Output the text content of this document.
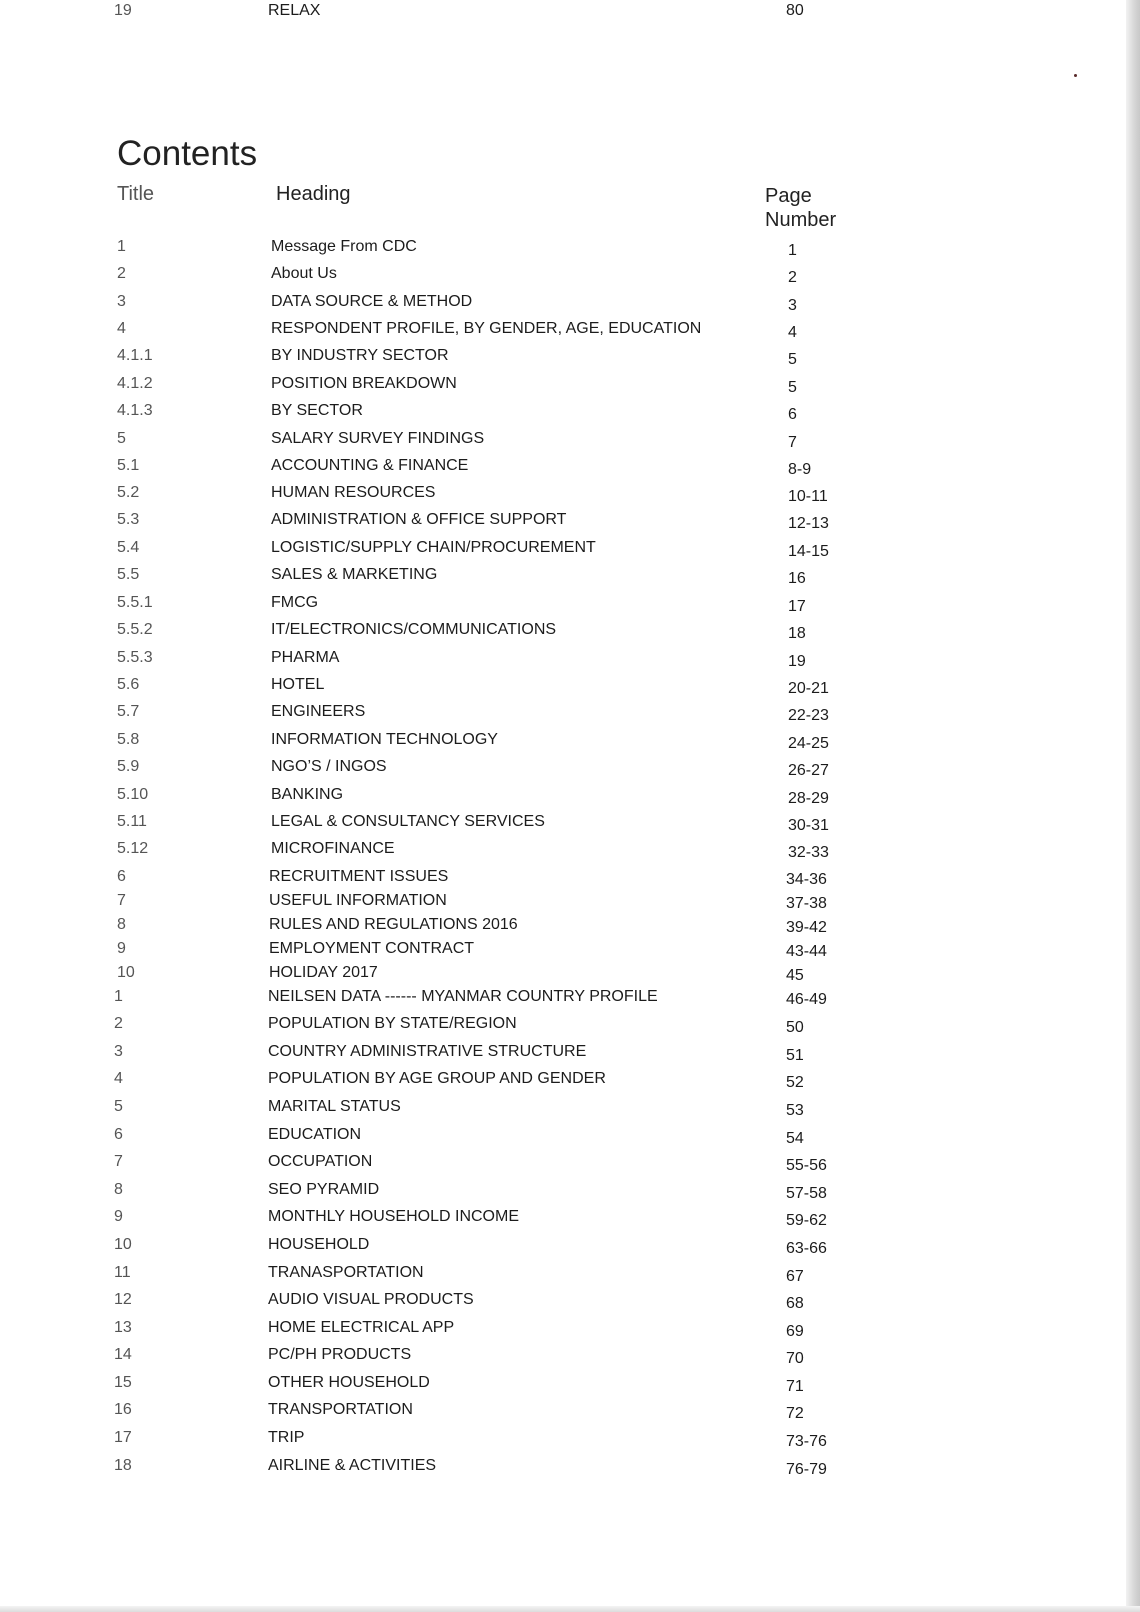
Contents
Title	Heading	Page Number
1	Message From CDC	1
2	About Us	2
3	DATA SOURCE & METHOD	3
4	RESPONDENT PROFILE, BY GENDER, AGE, EDUCATION	4
4.1.1	BY INDUSTRY SECTOR	5
4.1.2	POSITION BREAKDOWN	5
4.1.3	BY SECTOR	6
5	SALARY SURVEY FINDINGS	7
5.1	ACCOUNTING & FINANCE	8-9
5.2	HUMAN RESOURCES	10-11
5.3	ADMINISTRATION & OFFICE SUPPORT	12-13
5.4	LOGISTIC/SUPPLY CHAIN/PROCUREMENT	14-15
5.5	SALES & MARKETING	16
5.5.1	FMCG	17
5.5.2	IT/ELECTRONICS/COMMUNICATIONS	18
5.5.3	PHARMA	19
5.6	HOTEL	20-21
5.7	ENGINEERS	22-23
5.8	INFORMATION TECHNOLOGY	24-25
5.9	NGO’S / INGOS	26-27
5.10	BANKING	28-29
5.11	LEGAL & CONSULTANCY SERVICES	30-31
5.12	MICROFINANCE	32-33
6	RECRUITMENT ISSUES	34-36
7	USEFUL INFORMATION	37-38
8	RULES AND REGULATIONS 2016	39-42
9	EMPLOYMENT CONTRACT	43-44
10	HOLIDAY 2017	45
1	NEILSEN DATA ------ MYANMAR COUNTRY PROFILE	46-49
2	POPULATION BY STATE/REGION	50
3	COUNTRY ADMINISTRATIVE STRUCTURE	51
4	POPULATION BY AGE GROUP AND GENDER	52
5	MARITAL STATUS	53
6	EDUCATION	54
7	OCCUPATION	55-56
8	SEO PYRAMID	57-58
9	MONTHLY HOUSEHOLD INCOME	59-62
10	HOUSEHOLD	63-66
11	TRANASPORTATION	67
12	AUDIO VISUAL PRODUCTS	68
13	HOME ELECTRICAL APP	69
14	PC/PH PRODUCTS	70
15	OTHER HOUSEHOLD	71
16	TRANSPORTATION	72
17	TRIP	73-76
18	AIRLINE & ACTIVITIES	76-79
19	RELAX	80
